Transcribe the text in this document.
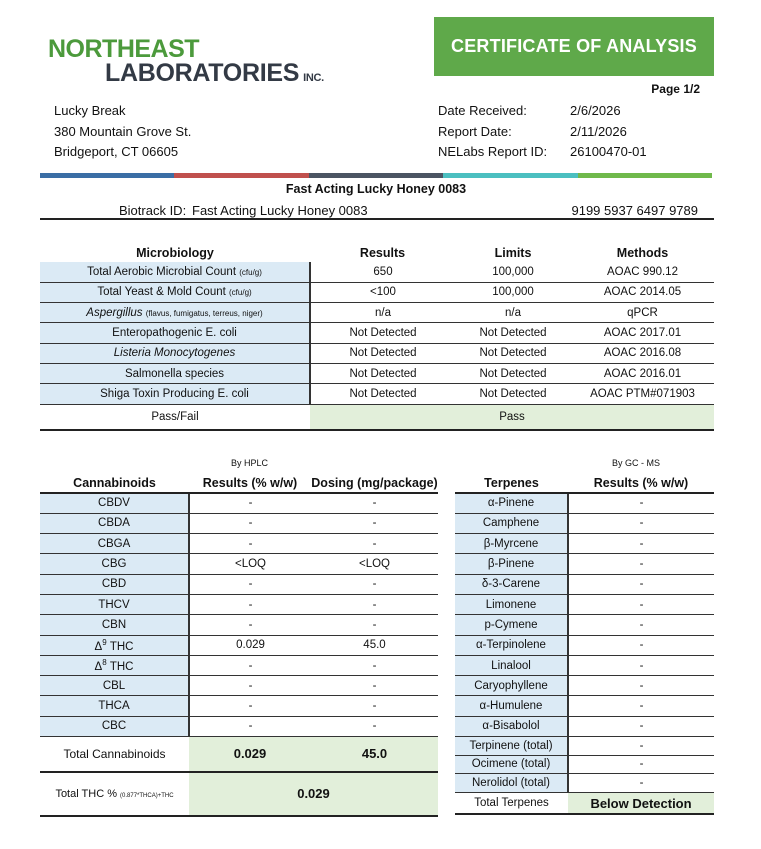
NORTHEAST
LABORATORIES INC.
CERTIFICATE OF ANALYSIS
Page 1/2
Lucky Break
380 Mountain Grove St.
Bridgeport, CT 06605
Date Received:	2/6/2026
Report Date:	2/11/2026
NELabs Report ID:	26100470-01
Fast Acting Lucky Honey 0083
Biotrack ID: Fast Acting Lucky Honey 0083	9199 5937 6497 9789
Microbiology	Results	Limits	Methods
Total Aerobic Microbial Count (cfu/g)	650	100,000	AOAC 990.12
Total Yeast & Mold Count (cfu/g)	<100	100,000	AOAC 2014.05
Aspergillus (flavus, fumigatus, terreus, niger)	n/a	n/a	qPCR
Enteropathogenic E. coli	Not Detected	Not Detected	AOAC 2017.01
Listeria Monocytogenes	Not Detected	Not Detected	AOAC 2016.08
Salmonella species	Not Detected	Not Detected	AOAC 2016.01
Shiga Toxin Producing E. coli	Not Detected	Not Detected	AOAC PTM#071903
Pass/Fail	Pass		
By HPLC	By GC - MS
Cannabinoids	Results (% w/w)	Dosing (mg/package)
CBDV	-	-
CBDA	-	-
CBGA	-	-
CBG	<LOQ	<LOQ
CBD	-	-
THCV	-	-
CBN	-	-
$\Delta^9$ THC	0.029	45.0
$\Delta^8$ THC	-	-
CBL	-	-
THCA	-	-
CBC	-	-
Total Cannabinoids	0.029	45.0
Total THC % (0.877*THCA)+THC	0.029	
Terpenes	Results (% w/w)
α-Pinene	-
Camphene	-
β-Myrcene	-
β-Pinene	-
δ-3-Carene	-
Limonene	-
p-Cymene	-
α-Terpinolene	-
Linalool	-
Caryophyllene	-
α-Humulene	-
α-Bisabolol	-
Terpinene (total)	-
Ocimene (total)	-
Nerolidol (total)	-
Total Terpenes	Below Detection
